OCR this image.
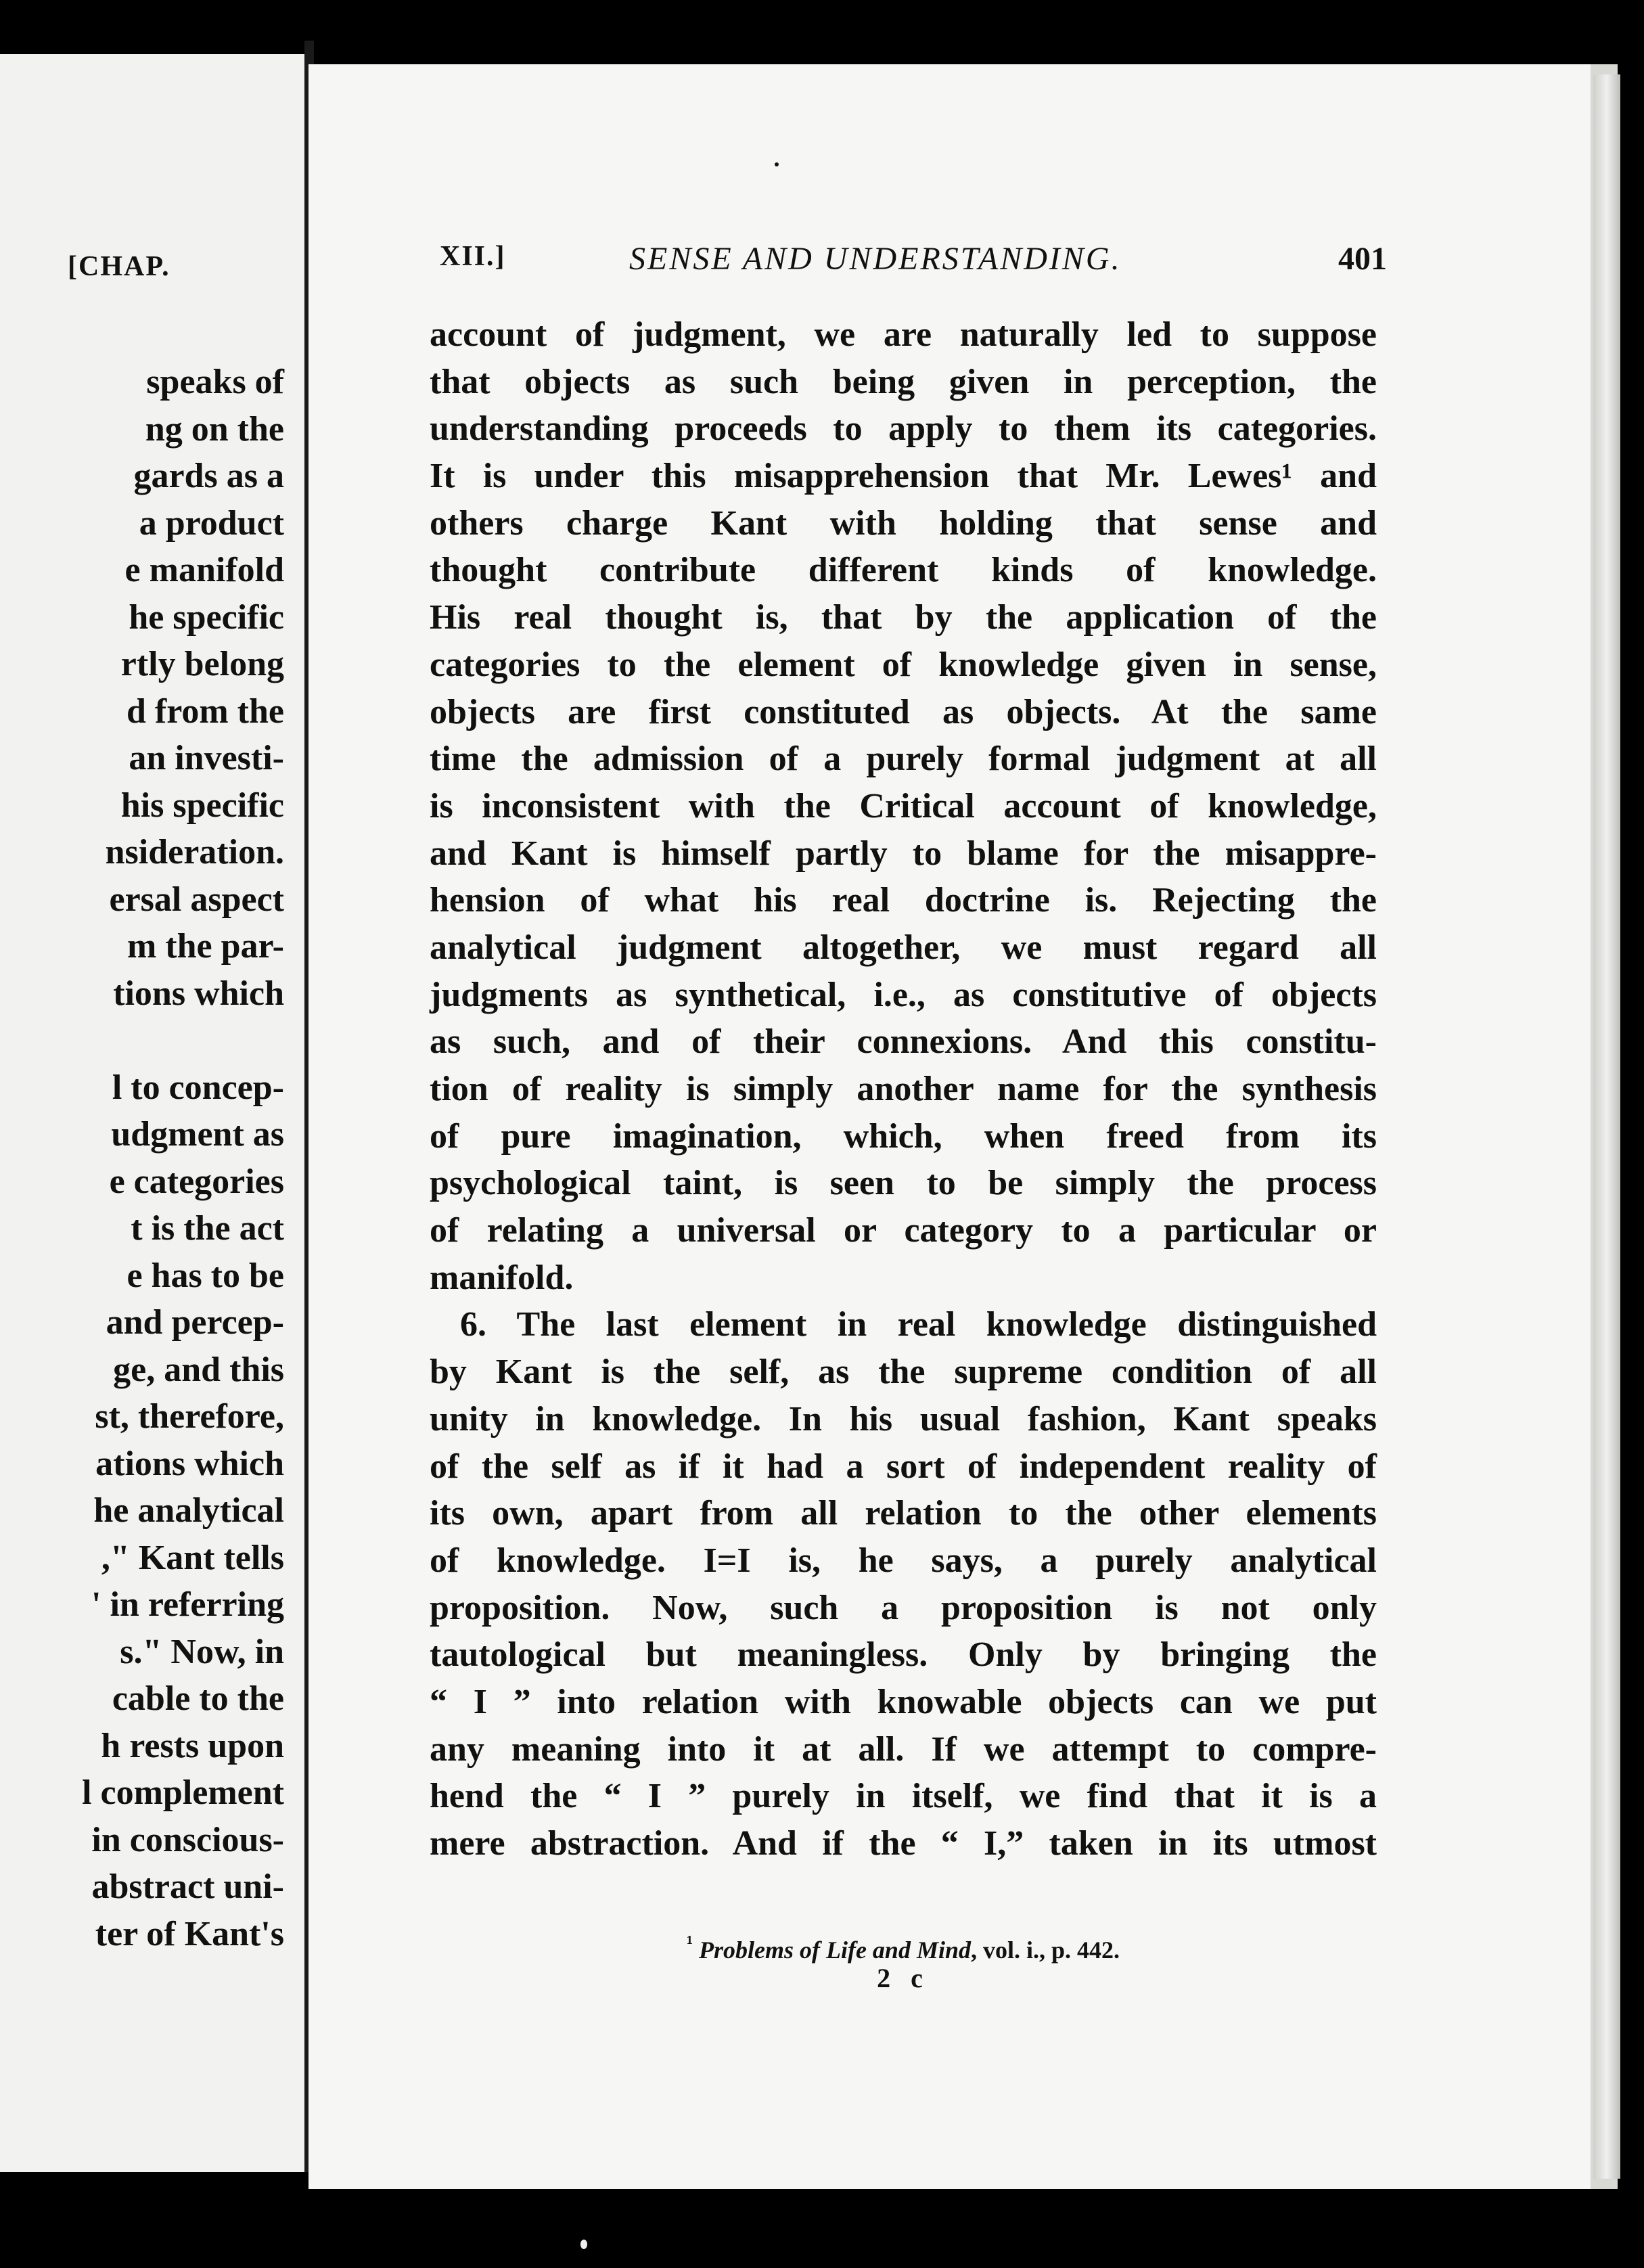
[CHAP.
speaks of
ng on the
gards as a
a product
e manifold
he specific
rtly belong
d from the
an investi-
his specific
nsideration.
ersal aspect
m the par-
tions which
l to concep-
udgment as
e categories
t is the act
e has to be
and percep-
ge, and this
st, therefore,
ations which
he analytical
," Kant tells
' in referring
s." Now, in
cable to the
h rests upon
l complement
in conscious-
abstract uni-
ter of Kant's
XII.]	SENSE AND UNDERSTANDING.	401
account of judgment, we are naturally led to suppose
that objects as such being given in perception, the
understanding proceeds to apply to them its categories.
It is under this misapprehension that Mr. Lewes¹ and
others charge Kant with holding that sense and
thought contribute different kinds of knowledge.
His real thought is, that by the application of the
categories to the element of knowledge given in sense,
objects are first constituted as objects. At the same
time the admission of a purely formal judgment at all
is inconsistent with the Critical account of knowledge,
and Kant is himself partly to blame for the misappre-
hension of what his real doctrine is. Rejecting the
analytical judgment altogether, we must regard all
judgments as synthetical, i.e., as constitutive of objects
as such, and of their connexions. And this constitu-
tion of reality is simply another name for the synthesis
of pure imagination, which, when freed from its
psychological taint, is seen to be simply the process
of relating a universal or category to a particular or
manifold.
6. The last element in real knowledge distinguished
by Kant is the self, as the supreme condition of all
unity in knowledge. In his usual fashion, Kant speaks
of the self as if it had a sort of independent reality of
its own, apart from all relation to the other elements
of knowledge. I=I is, he says, a purely analytical
proposition. Now, such a proposition is not only
tautological but meaningless. Only by bringing the
“ I ” into relation with knowable objects can we put
any meaning into it at all. If we attempt to compre-
hend the “ I ” purely in itself, we find that it is a
mere abstraction. And if the “ I,” taken in its utmost
$^{^1}$ Problems of Life and Mind, vol. i., p. 442.
2 c
